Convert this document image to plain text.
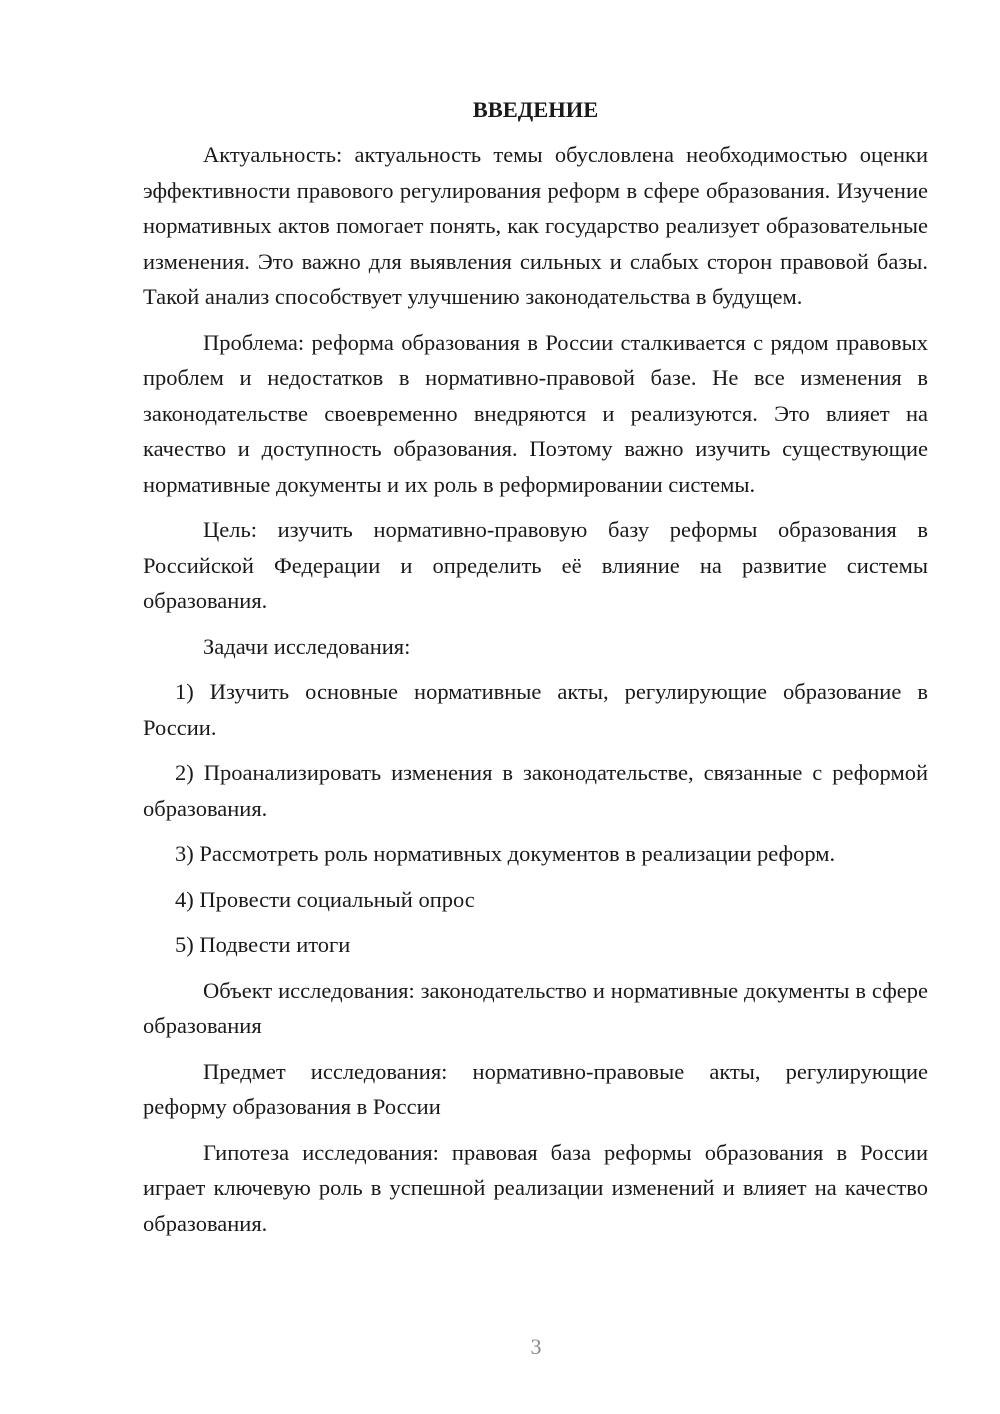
ВВЕДЕНИЕ

Актуальность: актуальность темы обусловлена необходимостью оценки эффективности правового регулирования реформ в сфере образования. Изучение нормативных актов помогает понять, как государство реализует образовательные изменения. Это важно для выявления сильных и слабых сторон правовой базы. Такой анализ способствует улучшению законодательства в будущем.

Проблема: реформа образования в России сталкивается с рядом правовых проблем и недостатков в нормативно-правовой базе. Не все изменения в законодательстве своевременно внедряются и реализуются. Это влияет на качество и доступность образования. Поэтому важно изучить существующие нормативные документы и их роль в реформировании системы.

Цель: изучить нормативно-правовую базу реформы образования в Российской Федерации и определить её влияние на развитие системы образования.

Задачи исследования:

1) Изучить основные нормативные акты, регулирующие образование в России.

2) Проанализировать изменения в законодательстве, связанные с реформой образования.

3) Рассмотреть роль нормативных документов в реализации реформ.

4) Провести социальный опрос

5) Подвести итоги

Объект исследования: законодательство и нормативные документы в сфере образования

Предмет исследования: нормативно-правовые акты, регулирующие реформу образования в России

Гипотеза исследования: правовая база реформы образования в России играет ключевую роль в успешной реализации изменений и влияет на качество образования.

3
